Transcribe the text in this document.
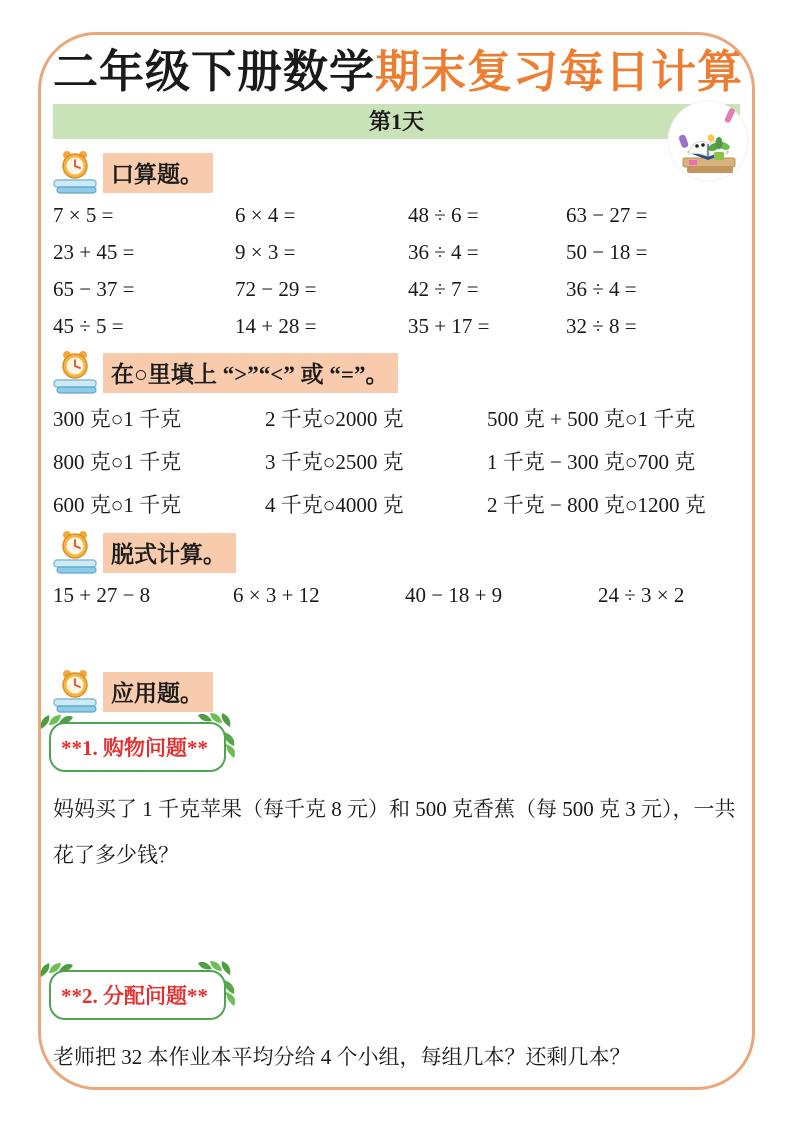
二年级下册数学期末复习每日计算
第1天
口算题。
7 × 5 =	6 × 4 =	48 ÷ 6 =	63 − 27 =
23 + 45 =	9 × 3 =	36 ÷ 4 =	50 − 18 =
65 − 37 =	72 − 29 =	42 ÷ 7 =	36 ÷ 4 =
45 ÷ 5 =	14 + 28 =	35 + 17 =	32 ÷ 8 =
在○里填上 “>”“<” 或 “=”。
300 克○1 千克	2 千克○2000 克	500 克 + 500 克○1 千克
800 克○1 千克	3 千克○2500 克	1 千克 − 300 克○700 克
600 克○1 千克	4 千克○4000 克	2 千克 − 800 克○1200 克
脱式计算。
15 + 27 − 8	6 × 3 + 12	40 − 18 + 9	24 ÷ 3 × 2
应用题。
**1. 购物问题**
妈妈买了 1 千克苹果（每千克 8 元）和 500 克香蕉（每 500 克 3 元），一共花了多少钱？
**2. 分配问题**
老师把 32 本作业本平均分给 4 个小组，每组几本？还剩几本？
